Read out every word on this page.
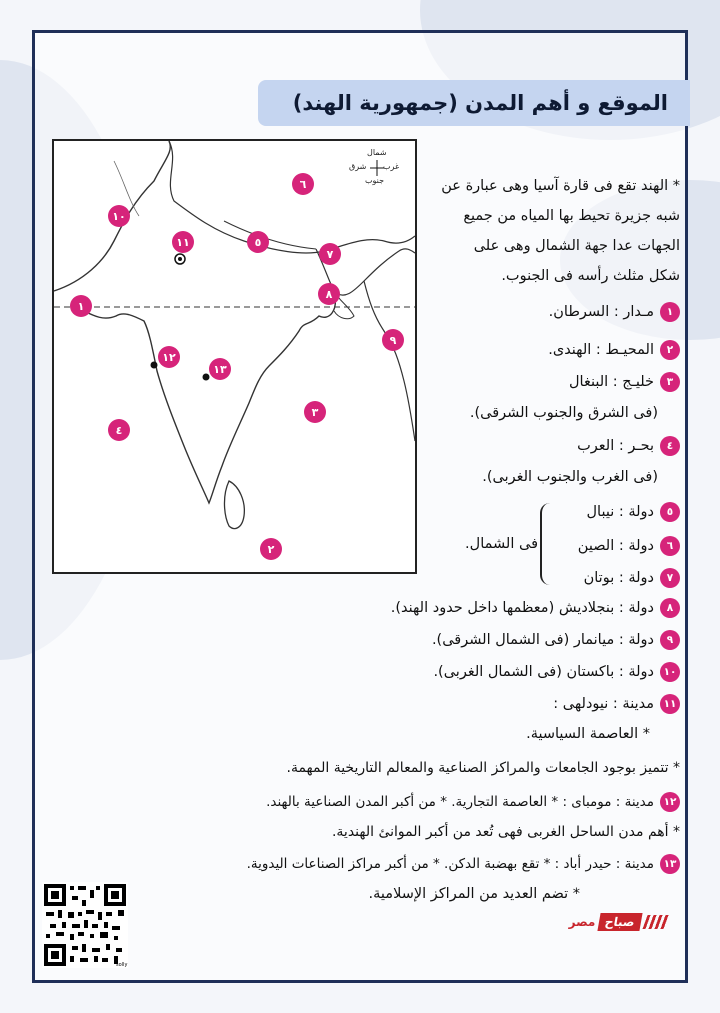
الموقع و أهم المدن (جمهورية الهند)
٦
١٠
١١	٥
٧
٨
١
٩
١٢
١٣
٣
٤
٢
شمال
غرب
شرق
جنوب	* الهند تقع فى قارة آسيا وهى عبارة عن
شبه جزيرة تحيط بها المياه من جميع
الجهات عدا جهة الشمال وهى على
شكل مثلث رأسه فى الجنوب.
١
مـدار : السرطان.
٢
المحيـط : الهندى.
٣
خليـج : البنغال
(فى الشرق والجنوب الشرقى).
٤
بحـر : العرب
(فى الغرب والجنوب الغربى).
٥
دولة : نيبال
٦
دولة : الصين
٧
دولة : بوتان
فى الشمال.
٨
دولة : بنجلاديش (معظمها داخل حدود الهند).
٩
دولة : ميانمار (فى الشمال الشرقى).
١٠
دولة : باكستان (فى الشمال الغربى).
١١
مدينة : نيودلهى :
* العاصمة السياسية.
* تتميز بوجود الجامعات والمراكز الصناعية والمعالم التاريخية المهمة.
١٢
مدينة : مومباى : * العاصمة التجارية. * من أكبر المدن الصناعية بالهند.
* أهم مدن الساحل الغربى فهى تُعد من أكبر الموانئ الهندية.
١٣
مدينة : حيدر أباد : * تقع بهضبة الدكن. * من أكبر مراكز الصناعات اليدوية.
* تضم العديد من المراكز الإسلامية.
solly
صباح
مصر
